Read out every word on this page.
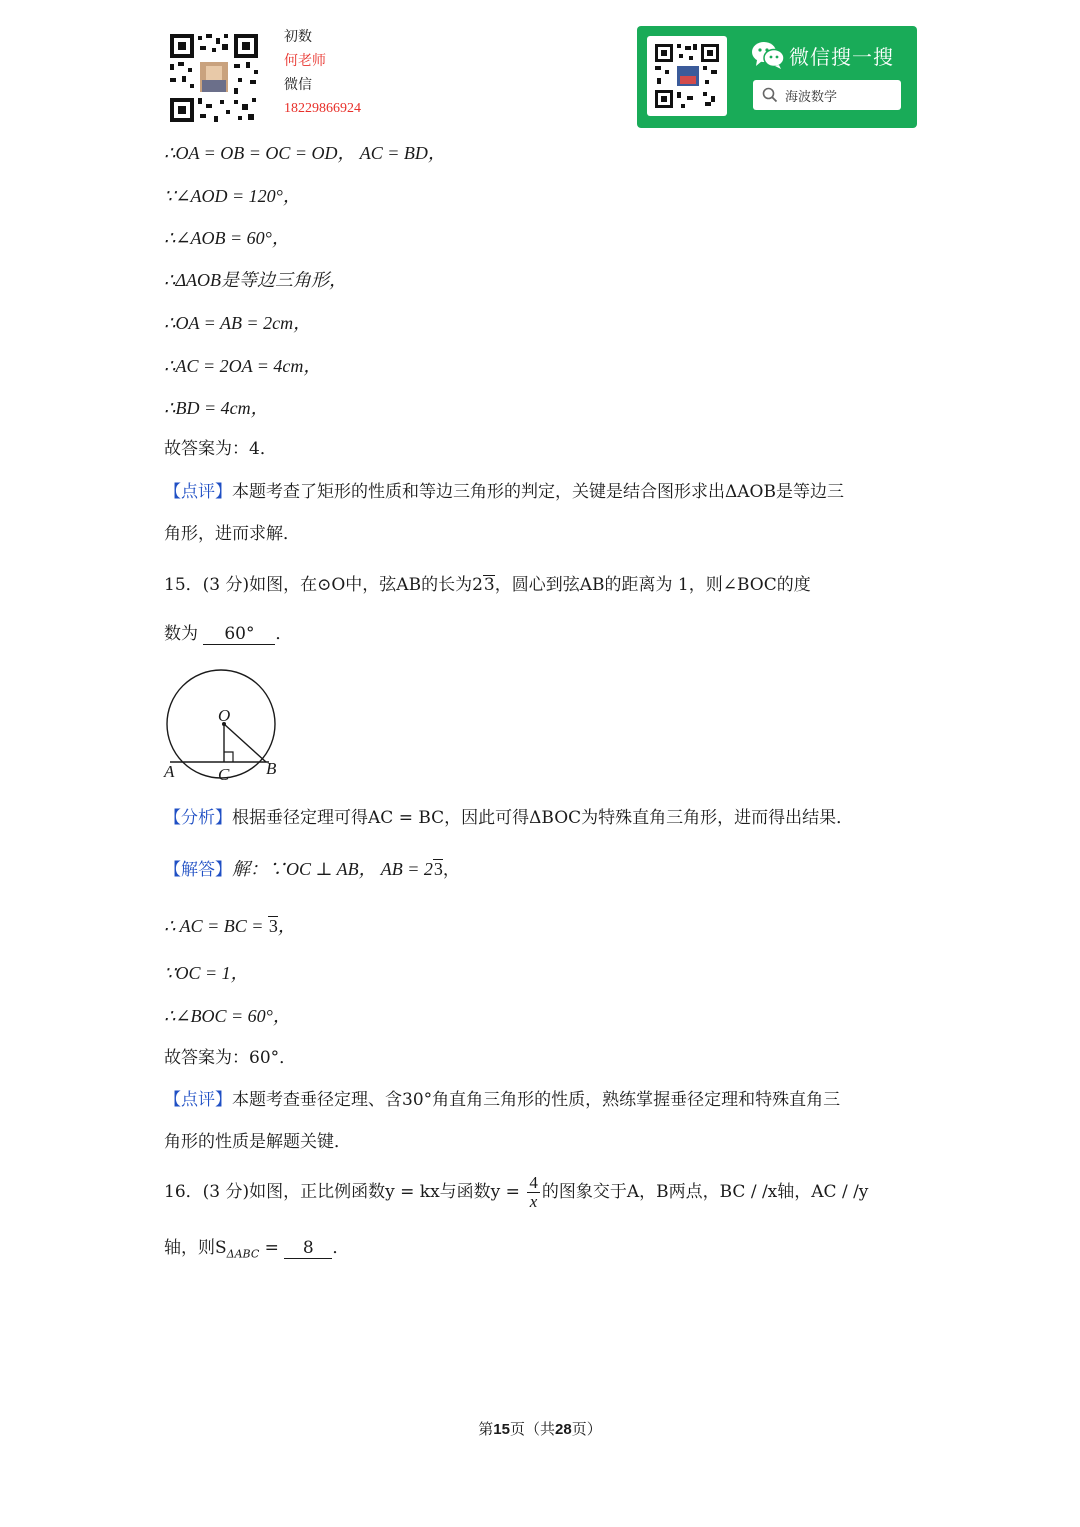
初数
何老师
微信
18229866924
微信搜一搜
海波数学
∴OA = OB = OC = OD， AC = BD，
∵∠AOD = 120°，
∴∠AOB = 60°，
∴ΔAOB是等边三角形，
∴OA = AB = 2cm，
∴AC = 2OA = 4cm，
∴BD = 4cm，
故答案为：4．
【点评】本题考查了矩形的性质和等边三角形的判定，关键是结合图形求出ΔAOB是等边三
角形，进而求解．
15．(3 分)如图，在⊙O中，弦AB的长为23，圆心到弦AB的距离为 1，则∠BOC的度
数为 60° ．
O
A	C B
【分析】根据垂径定理可得AC = BC，因此可得ΔBOC为特殊直角三角形，进而得出结果．
【解答】解：∵OC ⊥ AB， AB = 23，
∴ AC = BC = 3，
∵OC = 1，
∴∠BOC = 60°，
故答案为：60°．
【点评】本题考查垂径定理、含30°角直角三角形的性质，熟练掌握垂径定理和特殊直角三
角形的性质是解题关键．
16．(3 分)如图，正比例函数y = kx与函数$y = \frac{4}{x}$ 的图象交于A，B两点，BC / /x轴，AC / /y
轴，则$S_{\Delta ABC} = 8$ ．
第15页（共28页）
